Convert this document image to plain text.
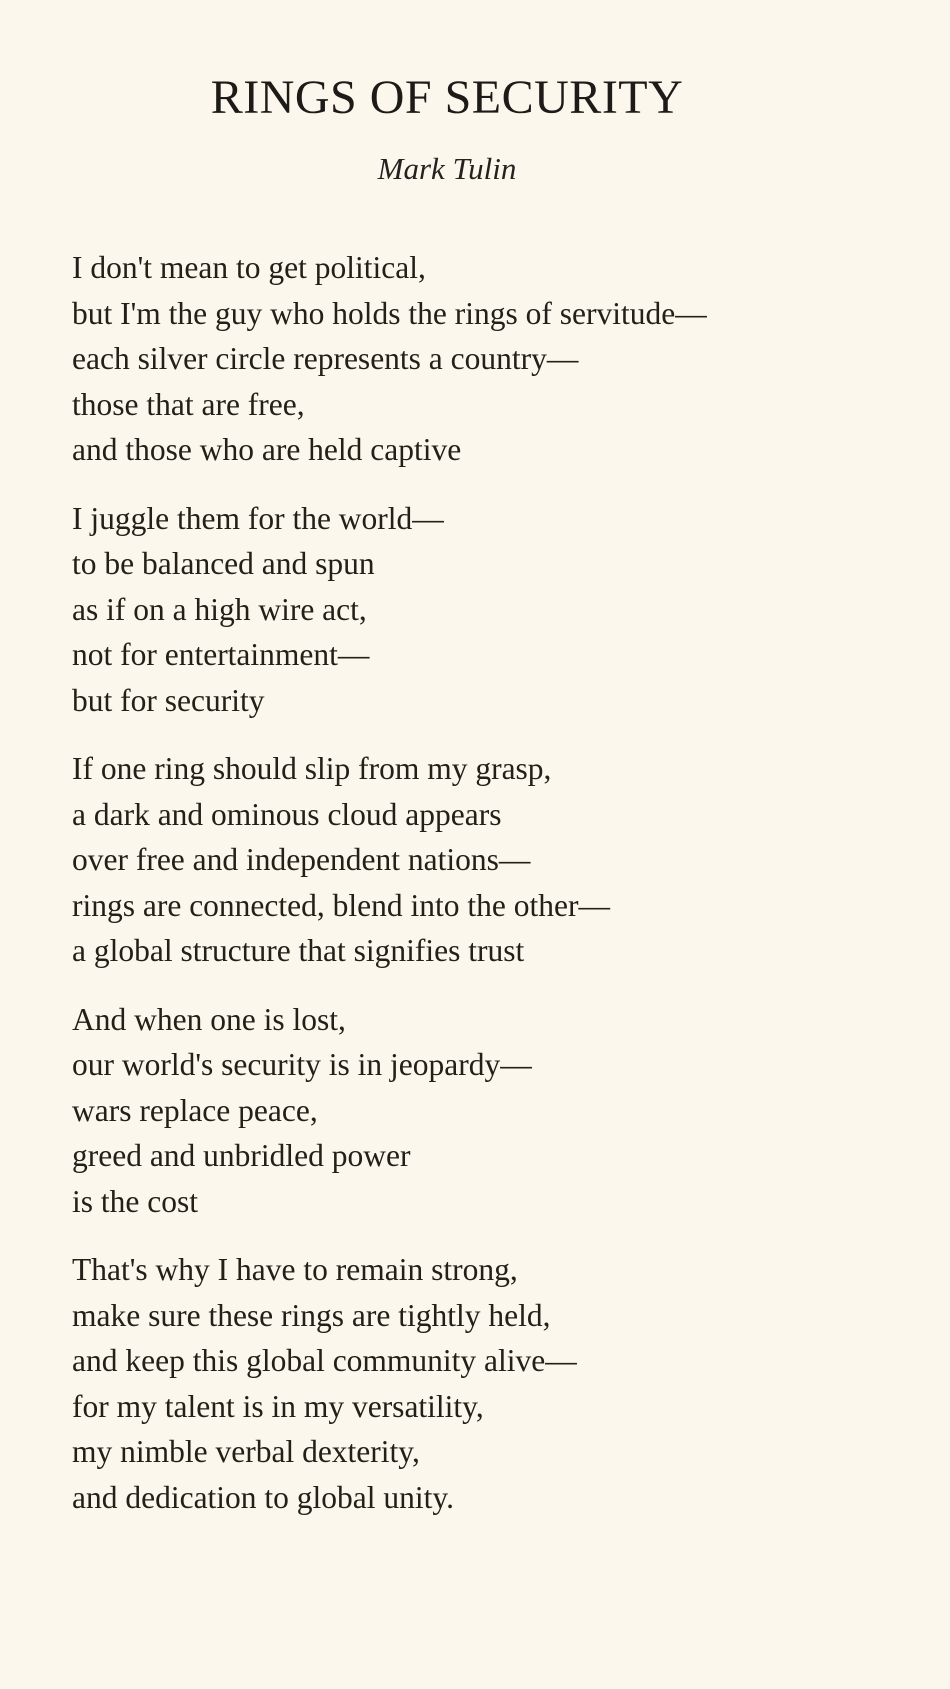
RINGS OF SECURITY
Mark Tulin
I don't mean to get political,
but I'm the guy who holds the rings of servitude—
each silver circle represents a country—
those that are free,
and those who are held captive
I juggle them for the world—
to be balanced and spun
as if on a high wire act,
not for entertainment—
but for security
If one ring should slip from my grasp,
a dark and ominous cloud appears
over free and independent nations—
rings are connected, blend into the other—
a global structure that signifies trust
And when one is lost,
our world's security is in jeopardy—
wars replace peace,
greed and unbridled power
is the cost
That's why I have to remain strong,
make sure these rings are tightly held,
and keep this global community alive—
for my talent is in my versatility,
my nimble verbal dexterity,
and dedication to global unity.
